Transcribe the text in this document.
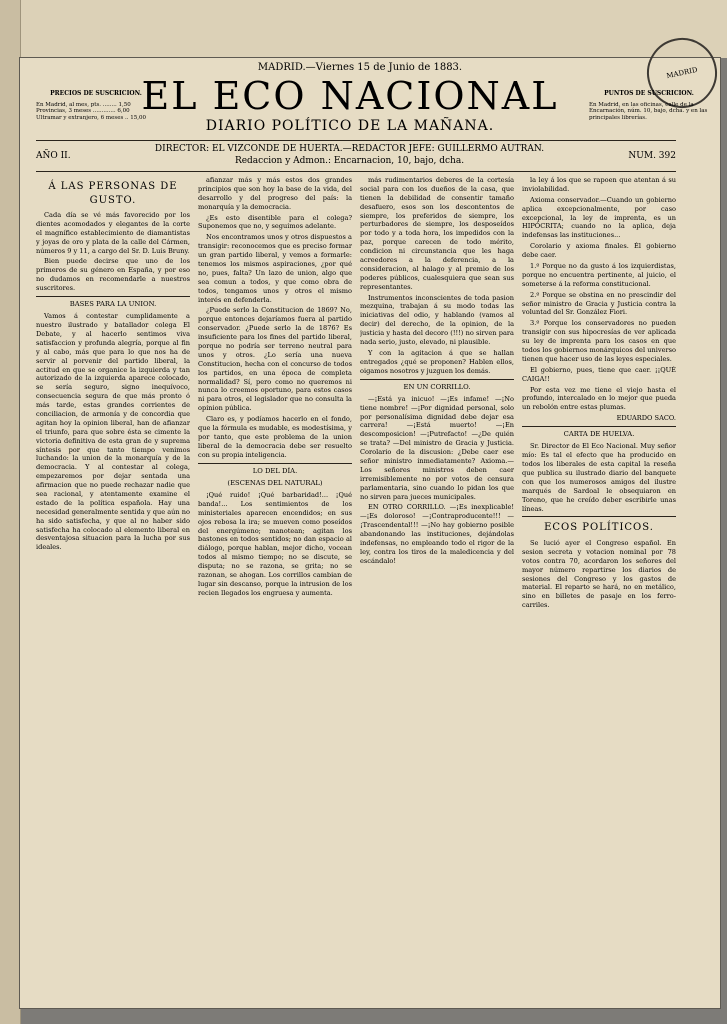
MADRID.—Viernes 15 de Junio de 1883.	MADRID
PRECIOS DE SUSCRICION.
En Madrid, al mes, pts. ........ 1,50
Provincias, 3 meses ............. 6,00
Ultramar y extranjero, 6 meses .. 15,00
EL ECO NACIONAL
DIARIO POLÍTICO DE LA MAÑANA.
PUNTOS DE SUSCRICION.
En Madrid, en las oficinas, calle de la Encarnación, núm. 10, bajo, dcha. y en las principales librerías.
AÑO II.
DIRECTOR: EL VIZCONDE DE HUERTA.—REDACTOR JEFE: GUILLERMO AUTRAN.
Redaccion y Admon.: Encarnacion, 10, bajo, dcha.	NUM. 392
Á LAS PERSONAS DE GUSTO.

Cada día se vé más favorecido por los dientes acomodados y elegantes de la corte el magnífico establecimiento de diamantistas y joyas de oro y plata de la calle del Cármen, números 9 y 11, a cargo del Sr. D. Luis Bruny.

Bien puede decirse que uno de los primeros de su género en España, y por eso no dudamos en recomendarle a nuestros suscritores.

BASES PARA LA UNION.

Vamos á contestar cumplidamente a nuestro ilustrado y batallador colega El Debate, y al hacerlo sentimos viva satisfaccion y profunda alegría, porque al fin y al cabo, más que para lo que nos ha de servir al porvenir del partido liberal, la actitud en que se organice la izquierda y tan autorizado de la izquierda aparece colocado, se sería seguro, signo inequívoco, consecuencia segura de que más pronto ó más tarde, estas grandes corrientes de conciliacion, de armonía y de concordia que agitan hoy la opinion liberal, han de afianzar el triunfo, para que sobre ésta se cimente la victoria definitiva de esta gran de y suprema síntesis por que tanto tiempo venimos luchando: la union de la monarquía y de la democracia. Y al contestar al colega, empezaremos por dejar sentada una afirmacion que no puede rechazar nadie que sea racional, y atentamente examine el estado de la política española. Hay una necesidad generalmente sentida y que aún no ha sido satisfecha, y que al no haber sido satisfecha ha colocado al elemento liberal en desventajosa situacion para la lucha por sus ideales.

afianzar más y más estos dos grandes principios que son hoy la base de la vida, del desarrollo y del progreso del país: la monarquía y la democracia.

¿Es esto disentible para el colega? Suponemos que no, y seguimos adelante.

Nos encontramos unos y otros dispuestos a transigir: reconocemos que es preciso formar un gran partido liberal, y vemos a formarle: tenemos los mismos aspiraciones, ¿por qué no, pues, falta? Un lazo de union, algo que sea comun a todos, y que como obra de todos, tengamos unos y otros el mismo interés en defenderla.

¿Puede serlo la Constitucion de 1869? No, porque entonces dejaríamos fuera al partido conservador. ¿Puede serlo la de 1876? Es insuficiente para los fines del partido liberal, porque no podría ser terreno neutral para unos y otros. ¿Lo sería una nueva Constitucion, hecha con el concurso de todos los partidos, en una época de completa normalidad? Sí, pero como no queremos ni nunca lo creemos oportuno, para estos casos ni para otros, el legislador que no consulta la opinion pública.

Claro es, y podíamos hacerlo en el fondo, que la fórmula es mudable, es modestísima, y por tanto, que este problema de la union liberal de la democracia debe ser resuelto con su propia inteligencia.

LO DEL DÍA.
(ESCENAS DEL NATURAL)

¡Qué ruido! ¡Qué barbaridad!... ¡Qué banda!... Los sentimientos de los ministeriales aparecen encendidos; en sus ojos rebosa la ira; se mueven como poseídos del energúmeno; manotean; agitan los bastones en todos sentidos; no dan espacio al diálogo, porque hablan, mejor dicho, vocean todos al mismo tiempo; no se discute, se disputa; no se razona, se grita; no se razonan, se ahogan. Los corrillos cambian de lugar sin descanso, porque la intrusion de los recien llegados los engruesa y aumenta.

más rudimentarios deberes de la cortesía social para con los dueños de la casa, que tienen la debilidad de consentir tamaño desafuero, esos son los descontentos de siempre, los preferidos de siempre, los perturbadores de siempre, los desposeídos por todo y a toda hora, los impedidos con la paz, porque carecen de todo mérito, condicion ni circunstancia que les haga acreedores a la deferencia, a la consideracion, al halago y al premio de los poderes públicos, cualesquiera que sean sus representantes.

Instrumentos inconscientes de toda pasion mezquina, trabajan á su modo todas las iniciativas del odio, y hablando (vamos al decir) del derecho, de la opinion, de la justicia y hasta del decoro (!!!) no sirven para nada serio, justo, elevado, ni plausible.

Y con la agitacion á que se hallan entregados ¿qué se proponen? Hablen ellos, oigamos nosotros y juzguen los demás.

EN UN CORRILLO.

—¡Está ya inicuo! —¡Es infame! —¡No tiene nombre! —¡Por dignidad personal, solo por personalísima dignidad debe dejar esa carrera! —¡Está muerto! —¡En descomposicion! —¡Putrefacto! —¿De quién se trata? —Del ministro de Gracia y Justicia. Corolario de la discusion: ¿Debe caer ese señor ministro inmediatamente? Axioma.—Los señores ministros deben caer irremisiblemente no por votos de censura parlamentaria, sino cuando lo pidan los que no sirven para jueces municipales.

EN OTRO CORRILLO. —¡Es inexplicable! —¡Es doloroso! —¡Contraproducente!!! —¡Trascendental!!! —¡No hay gobierno posible abandonando las instituciones, dejándolas indefensas, no empleando todo el rigor de la ley, contra los tiros de la maledicencia y del escándalo!

la ley á los que se rapoen que atentan á su inviolabilidad.

Axioma conservador.—Cuando un gobierno aplica excepcionalmente, por caso excepcional, la ley de imprenta, es un HIPÓCRITA; cuando no la aplica, deja indefensas las instituciones...

Corolario y axioma finales. Él gobierno debe caer.

1.º Porque no da gusto á los izquierdistas, porque no encuentra pertinente, al juicio, el someterse á la reforma constitucional.

2.º Porque se obstina en no prescindir del señor ministro de Gracia y Justicia contra la voluntad del Sr. González Fiori.

3.º Porque los conservadores no pueden transigir con sus hipocresías de ver aplicada su ley de imprenta para los casos en que todos los gobiernos monárquicos del universo tienen que hacer uso de las leyes especiales.

El gobierno, pues, tiene que caer. ¡¡QUÉ CAIGA!!

Por esta vez me tiene el viejo hasta el profundo, intercalado en lo mejor que pueda un rebolón entre estas plumas.

EDUARDO SACO.

CARTA DE HUELVA.

Sr. Director de El Eco Nacional. Muy señor mío: Es tal el efecto que ha producido en todos los liberales de esta capital la reseña que publica su ilustrado diario del banquete con que los numerosos amigos del ilustre marqués de Sardoal le obsequiaron en Toreno, que he creído deber escribirle unas líneas.

ECOS POLÍTICOS.

Se lució ayer el Congreso español. En sesion secreta y votacion nominal por 78 votos contra 70, acordaron los señores del mayor número repartirse los diarios de sesiones del Congreso y los gastos de material. El reparto se hará, no en metálico, sino en billetes de pasaje en los ferro-carriles.
